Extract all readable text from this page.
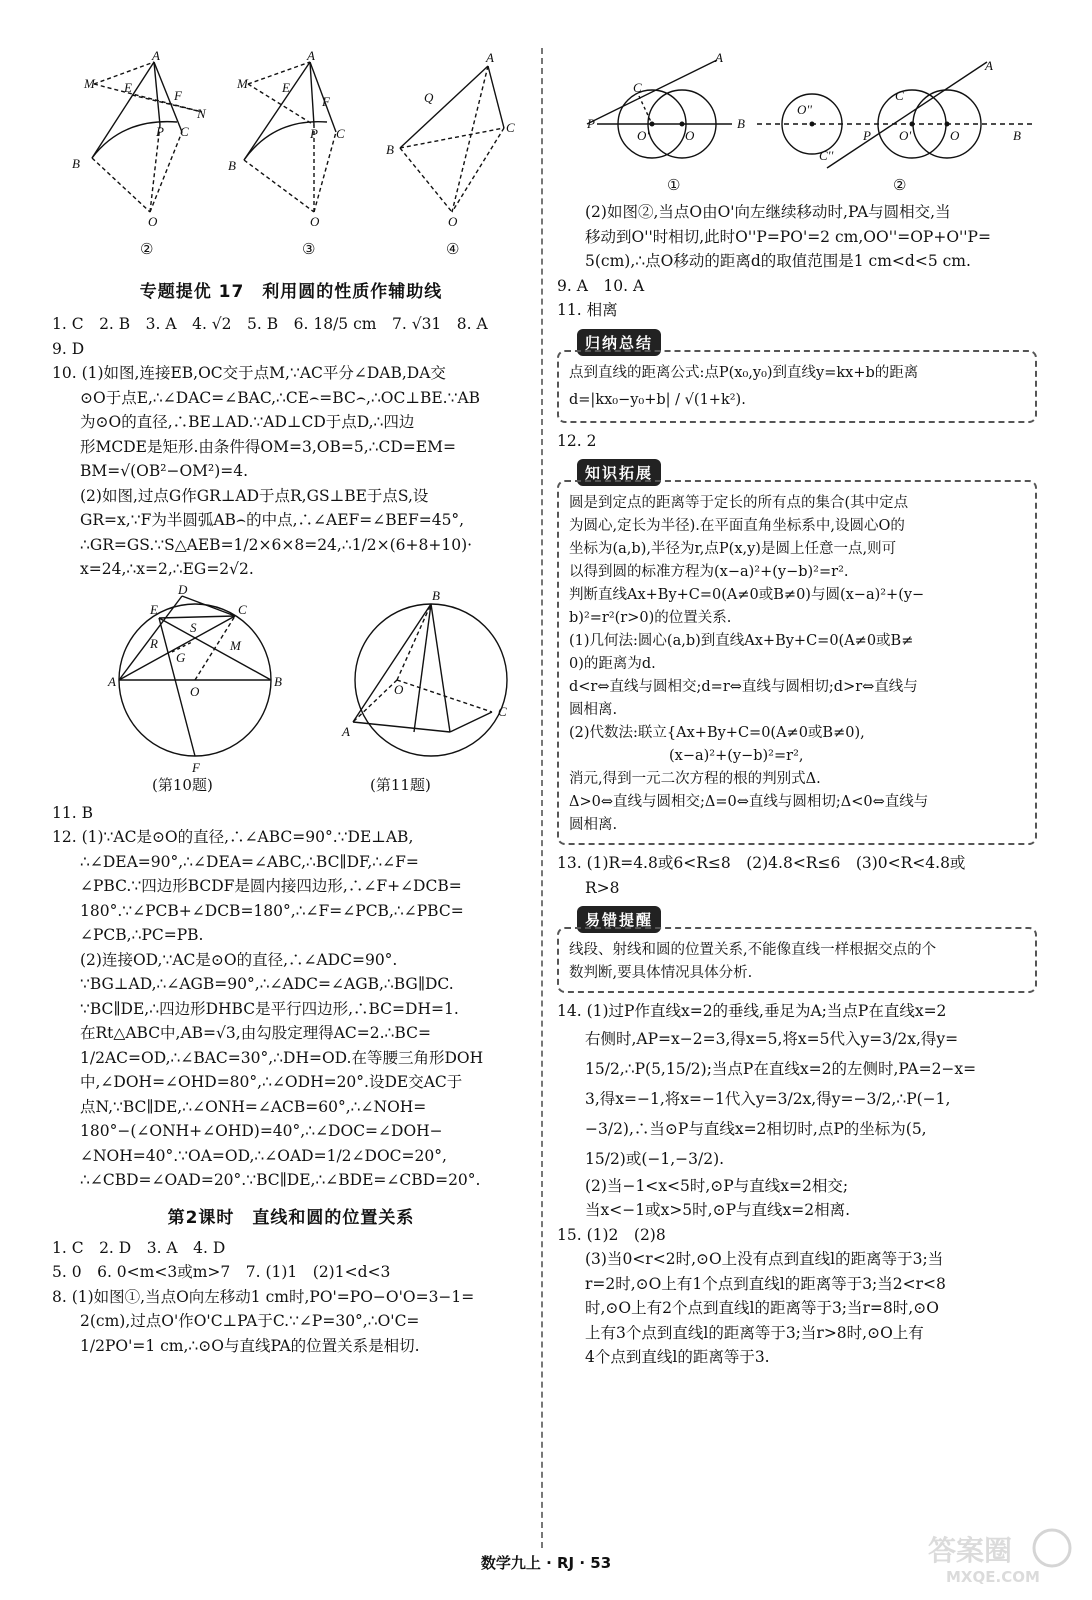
M E
A
F
N
P C
B
O
M	E
A
F
P C
B
O
Q
A
C
B
O
②	③	④
专题提优 17　利用圆的性质作辅助线

1. C　2. B　3. A　4. √2　5. B　6. 18/5 cm　7. √31　8. A

9. D

10. (1)如图,连接EB,OC交于点M,∵AC平分∠DAB,DA交

⊙O于点E,∴∠DAC=∠BAC,∴CE⌢=BC⌢,∴OC⊥BE.∵AB

为⊙O的直径,∴BE⊥AD.∵AD⊥CD于点D,∴四边

形MCDE是矩形.由条件得OM=3,OB=5,∴CD=EM=

BM=√(OB²−OM²)=4.

(2)如图,过点G作GR⊥AD于点R,GS⊥BE于点S,设

GR=x,∵F为半圆弧AB⌢的中点,∴∠AEF=∠BEF=45°,

∴GR=GS.∵S△AEB=1/2×6×8=24,∴1/2×(6+8+10)·

x=24,∴x=2,∴EG=2√2.

D
E	C
S
R
G
M
A	B
O
F
B
O
A
C
(第10题)	(第11题)

11. B

12. (1)∵AC是⊙O的直径,∴∠ABC=90°.∵DE⊥AB,

∴∠DEA=90°,∴∠DEA=∠ABC,∴BC∥DF,∴∠F=

∠PBC.∵四边形BCDF是圆内接四边形,∴∠F+∠DCB=

180°.∵∠PCB+∠DCB=180°,∴∠F=∠PCB,∴∠PBC=

∠PCB,∴PC=PB.

(2)连接OD,∵AC是⊙O的直径,∴∠ADC=90°.

∵BG⊥AD,∴∠AGB=90°,∴∠ADC=∠AGB,∴BG∥DC.

∵BC∥DE,∴四边形DHBC是平行四边形,∴BC=DH=1.

在Rt△ABC中,AB=√3,由勾股定理得AC=2.∴BC=

1/2AC=OD,∴∠BAC=30°,∴DH=OD.在等腰三角形DOH

中,∠DOH=∠OHD=80°,∴∠ODH=20°.设DE交AC于

点N,∵BC∥DE,∴∠ONH=∠ACB=60°,∴∠NOH=

180°−(∠ONH+∠OHD)=40°,∴∠DOC=∠DOH−

∠NOH=40°.∵OA=OD,∴∠OAD=1/2∠DOC=20°,

∴∠CBD=∠OAD=20°.∵BC∥DE,∴∠BDE=∠CBD=20°.

第2课时　直线和圆的位置关系

1. C　2. D　3. A　4. D

5. 0　6. 0<m<3或m>7　7. (1)1　(2)1<d<3

8. (1)如图①,当点O向左移动1 cm时,PO'=PO−O'O=3−1=

2(cm),过点O'作O'C⊥PA于C.∵∠P=30°,∴O'C=

1/2PO'=1 cm,∴⊙O与直线PA的位置关系是相切.

A
C
P
O'	O
B
A
O''
C''
C
P O'	O	B
①	②

(2)如图②,当点O由O'向左继续移动时,PA与圆相交,当

移动到O''时相切,此时O''P=PO'=2 cm,OO''=OP+O''P=

5(cm),∴点O移动的距离d的取值范围是1 cm<d<5 cm.

9. A　10. A

11. 相离

归纳总结

点到直线的距离公式:点P(x₀,y₀)到直线y=kx+b的距离

d=|kx₀−y₀+b| / √(1+k²).

12. 2

知识拓展

圆是到定点的距离等于定长的所有点的集合(其中定点

为圆心,定长为半径).在平面直角坐标系中,设圆心O的

坐标为(a,b),半径为r,点P(x,y)是圆上任意一点,则可

以得到圆的标准方程为(x−a)²+(y−b)²=r².

判断直线Ax+By+C=0(A≠0或B≠0)与圆(x−a)²+(y−

b)²=r²(r>0)的位置关系.

(1)几何法:圆心(a,b)到直线Ax+By+C=0(A≠0或B≠

0)的距离为d.

d<r⇔直线与圆相交;d=r⇔直线与圆相切;d>r⇔直线与

圆相离.

(2)代数法:联立{Ax+By+C=0(A≠0或B≠0),

(x−a)²+(y−b)²=r²,

消元,得到一元二次方程的根的判别式Δ.

Δ>0⇔直线与圆相交;Δ=0⇔直线与圆相切;Δ<0⇔直线与

圆相离.

13. (1)R=4.8或6<R≤8　(2)4.8<R≤6　(3)0<R<4.8或

R>8

易错提醒

线段、射线和圆的位置关系,不能像直线一样根据交点的个

数判断,要具体情况具体分析.

14. (1)过P作直线x=2的垂线,垂足为A;当点P在直线x=2

右侧时,AP=x−2=3,得x=5,将x=5代入y=3/2x,得y=

15/2,∴P(5,15/2);当点P在直线x=2的左侧时,PA=2−x=

3,得x=−1,将x=−1代入y=3/2x,得y=−3/2,∴P(−1,

−3/2),∴当⊙P与直线x=2相切时,点P的坐标为(5,

15/2)或(−1,−3/2).

(2)当−1<x<5时,⊙P与直线x=2相交;

当x<−1或x>5时,⊙P与直线x=2相离.

15. (1)2　(2)8

(3)当0<r<2时,⊙O上没有点到直线l的距离等于3;当

r=2时,⊙O上有1个点到直线l的距离等于3;当2<r<8

时,⊙O上有2个点到直线l的距离等于3;当r=8时,⊙O

上有3个点到直线l的距离等于3;当r>8时,⊙O上有

4个点到直线l的距离等于3.

数学九上 · RJ · 53	答案圈
MXQE.COM
